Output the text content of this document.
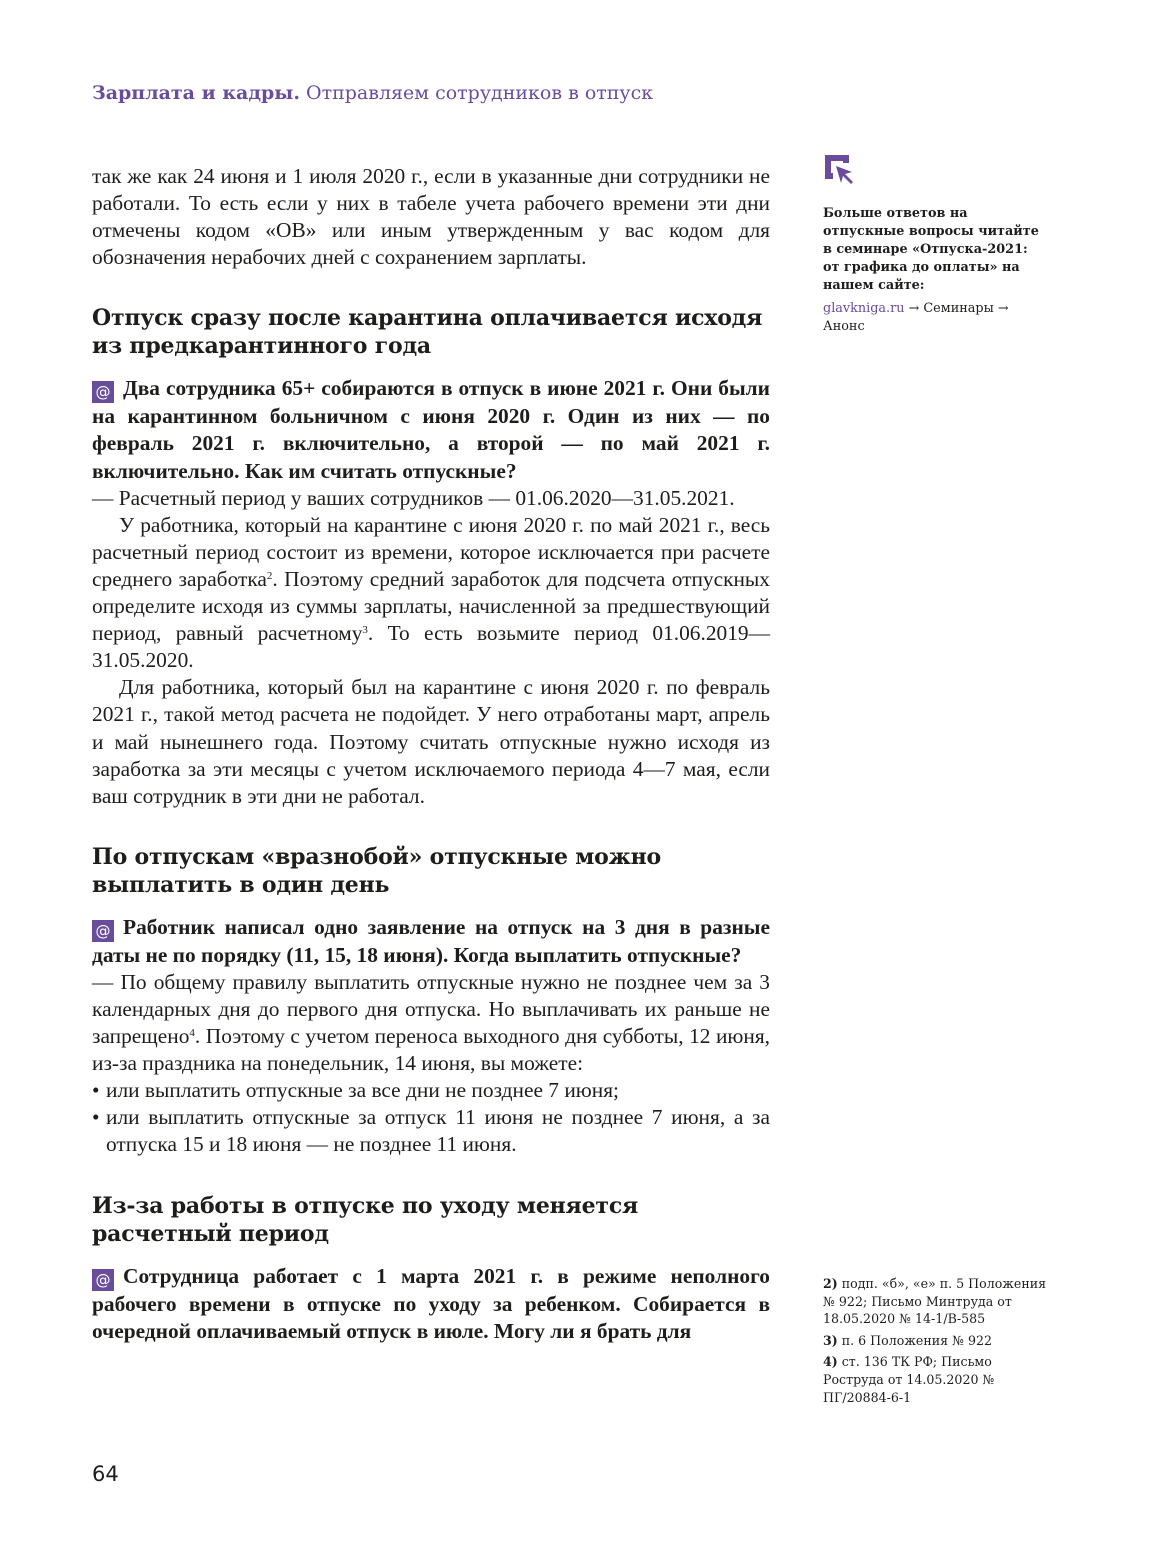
Зарплата и кадры. Отправляем сотрудников в отпуск

так же как 24 июня и 1 июля 2020 г., если в указанные дни сотрудники не работали. То есть если у них в табеле учета рабочего времени эти дни отмечены кодом «ОВ» или иным утвержденным у вас кодом для обозначения нерабочих дней с сохранением зарплаты.

Отпуск сразу после карантина оплачивается исходя из предкарантинного года

@ Два сотрудника 65+ собираются в отпуск в июне 2021 г. Они были на карантинном больничном с июня 2020 г. Один из них — по февраль 2021 г. включительно, а второй — по май 2021 г. включительно. Как им считать отпускные?

— Расчетный период у ваших сотрудников — 01.06.2020—31.05.2021.

У работника, который на карантине с июня 2020 г. по май 2021 г., весь расчетный период состоит из времени, которое исключается при расчете среднего заработка$^2$. Поэтому средний заработок для подсчета отпускных определите исходя из суммы зарплаты, начисленной за предшествующий период, равный расчетному$^3$. То есть возьмите период 01.06.2019—31.05.2020.

Для работника, который был на карантине с июня 2020 г. по февраль 2021 г., такой метод расчета не подойдет. У него отработаны март, апрель и май нынешнего года. Поэтому считать отпускные нужно исходя из заработка за эти месяцы с учетом исключаемого периода 4—7 мая, если ваш сотрудник в эти дни не работал.

По отпускам «вразнобой» отпускные можно выплатить в один день

@ Работник написал одно заявление на отпуск на 3 дня в разные даты не по порядку (11, 15, 18 июня). Когда выплатить отпускные?

— По общему правилу выплатить отпускные нужно не позднее чем за 3 календарных дня до первого дня отпуска. Но выплачивать их раньше не запрещено$^4$. Поэтому с учетом переноса выходного дня субботы, 12 июня, из-за праздника на понедельник, 14 июня, вы можете:

• или выплатить отпускные за все дни не позднее 7 июня;
• или выплатить отпускные за отпуск 11 июня не позднее 7 июня, а за отпуска 15 и 18 июня — не позднее 11 июня.
Из-за работы в отпуске по уходу меняется расчетный период

@ Сотрудница работает с 1 марта 2021 г. в режиме неполного рабочего времени в отпуске по уходу за ребенком. Собирается в очередной оплачиваемый отпуск в июле. Могу ли я брать для

Больше ответов на отпускные вопросы читайте в семинаре «Отпуска-2021: от графика до оплаты» на нашем сайте:
glavkniga.ru → Семинары → Анонс
2) подп. «б», «е» п. 5 Положения № 922; Письмо Минтруда от 18.05.2020 № 14-1/В-585
3) п. 6 Положения № 922
4) ст. 136 ТК РФ; Письмо Роструда от 14.05.2020 № ПГ/20884-6-1
64
